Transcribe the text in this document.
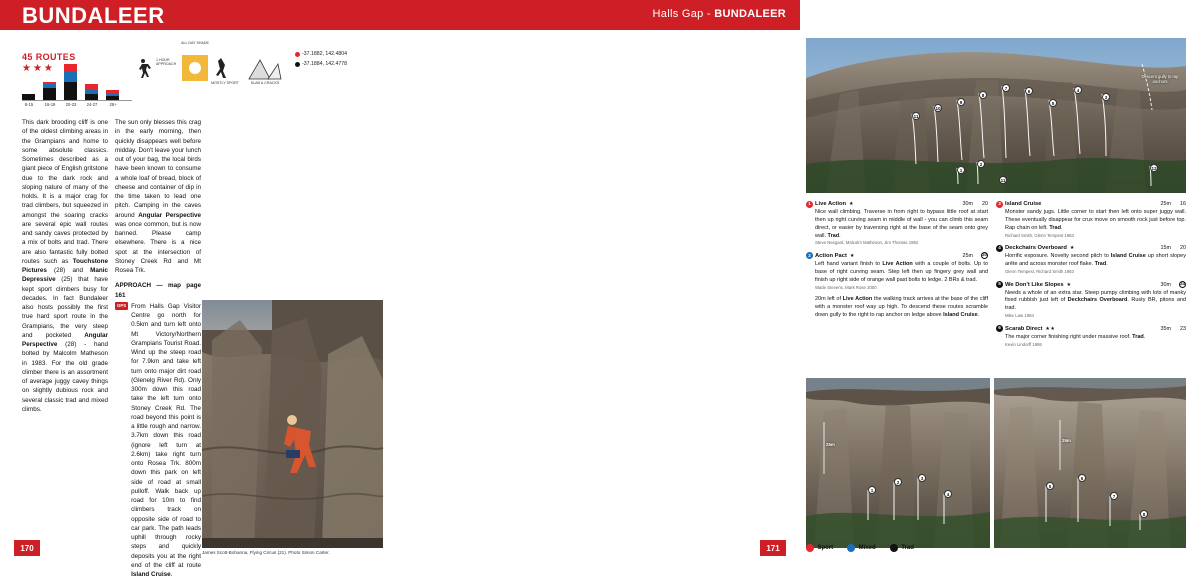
BUNDALEER
45 ROUTES
★★★
8-15	16-19	20-23	24-27	28+
1 HOUR APPROACH
ALL DAY SHADE
MOSTLY SPORT	SLAB & CRACKS
-37.1882, 142.4804
-37.1884, 142.4778
This dark brooding cliff is one of the oldest climbing areas in the Grampians and home to some absolute classics. Sometimes described as a giant piece of English gritstone due to the dark rock and sloping nature of many of the holds. It is a major crag for trad climbers, but squeezed in amongst the soaring cracks are several epic wall routes and sandy caves protected by a mix of bolts and trad. There are also fantastic fully bolted routes such as Touchstone Pictures (28) and Manic Depressive (25) that have kept sport climbers busy for decades. In fact Bundaleer also hosts possibly the first true hard sport route in the Grampians, the very steep and pocketed Angular Perspective (28) - hand bolted by Malcolm Matheson in 1983. For the old grade climber there is an assortment of average juggy cavey things on slightly dubious rock and several classic trad and mixed climbs.
The sun only blesses this crag in the early morning, then quickly disappears well before midday. Don't leave your lunch out of your bag, the local birds have been known to consume a whole loaf of bread, block of cheese and container of dip in the time taken to lead one pitch. Camping in the caves around Angular Perspective was once common, but is now banned. Please camp elsewhere. There is a nice spot at the intersection of Stoney Creek Rd and Mt Rosea Trk.
APPROACH — map page 161
GPS From Halls Gap Visitor Centre go north for 0.5km and turn left onto Mt Victory/Northern Grampians Tourist Road. Wind up the steep road for 7.9km and take left turn onto major dirt road (Glenelg River Rd). Only 300m down this road take the left turn onto Stoney Creek Rd. The road beyond this point is a little rough and narrow. 3.7km down this road (ignore left turn at 2.6km) take right turn onto Rosea Trk. 800m down this park on left side of road at small pulloff. Walk back up road for 10m to find climbers track on opposite side of road to car park. The path leads uphill through rocky steps and quickly deposits you at the right end of the cliff at route Island Cruise.
James Scott-Bohanna, Flying Circus (21). Photo Simon Carter.
170
Halls Gap - BUNDALEER
3
4
5
6
7
8
9
10
11
1
2
11
12
Descent gully to rap anchors
1 Live Action ★	30m	20
Nice wall climbing. Traverse in from right to bypass little roof at start then up right curving seam in middle of wall - you can climb this seam direct, or easier by traversing right at the base of the seam onto grey wall. Trad.
Steve Nesgard, Malcolm Matheson, Jim Thomas 1982
2 Action Pact ★	25m	20
Left hand variant finish to Live Action with a couple of bolts. Up to base of right curving seam. Step left then up fingery grey wall and finish up right side of orange wall past bolts to ledge. 2 BRs & trad.
Wade Stevens, Mark Rose 2000
20m left of Live Action the walking track arrives at the base of the cliff with a monster roof way up high. To descend these routes scramble down gully to the right to rap anchor on ledge above Island Cruise.
3 Island Cruise	25m	16
Monster sandy jugs. Little corner to start then left onto super juggy wall. These eventually disappear for crux move on smooth rock just before top. Rap chain on left. Trad.
Richard Smith, Glenn Tempest 1983
4 Deckchairs Overboard ★	15m	20
Horrific exposure. Novelty second pitch to Island Cruise up short slopey arête and across monster roof flake. Trad.
Glenn Tempest, Richard Smith 1983
5 We Don't Like Slopes ★	30m	24
Needs a whole of an extra star. Steep pumpy climbing with lots of manky fixed rubbish just left of Deckchairs Overboard. Rusty BR, pitons and trad.
Mike Law 1984
6 Scarab Direct ★★	35m	23
The major corner finishing right under massive roof. Trad.
Kevin Lindorff 1986
1
2
3
4
25m
5
6
7
8
25m
Sport	Mixed	Trad
171
